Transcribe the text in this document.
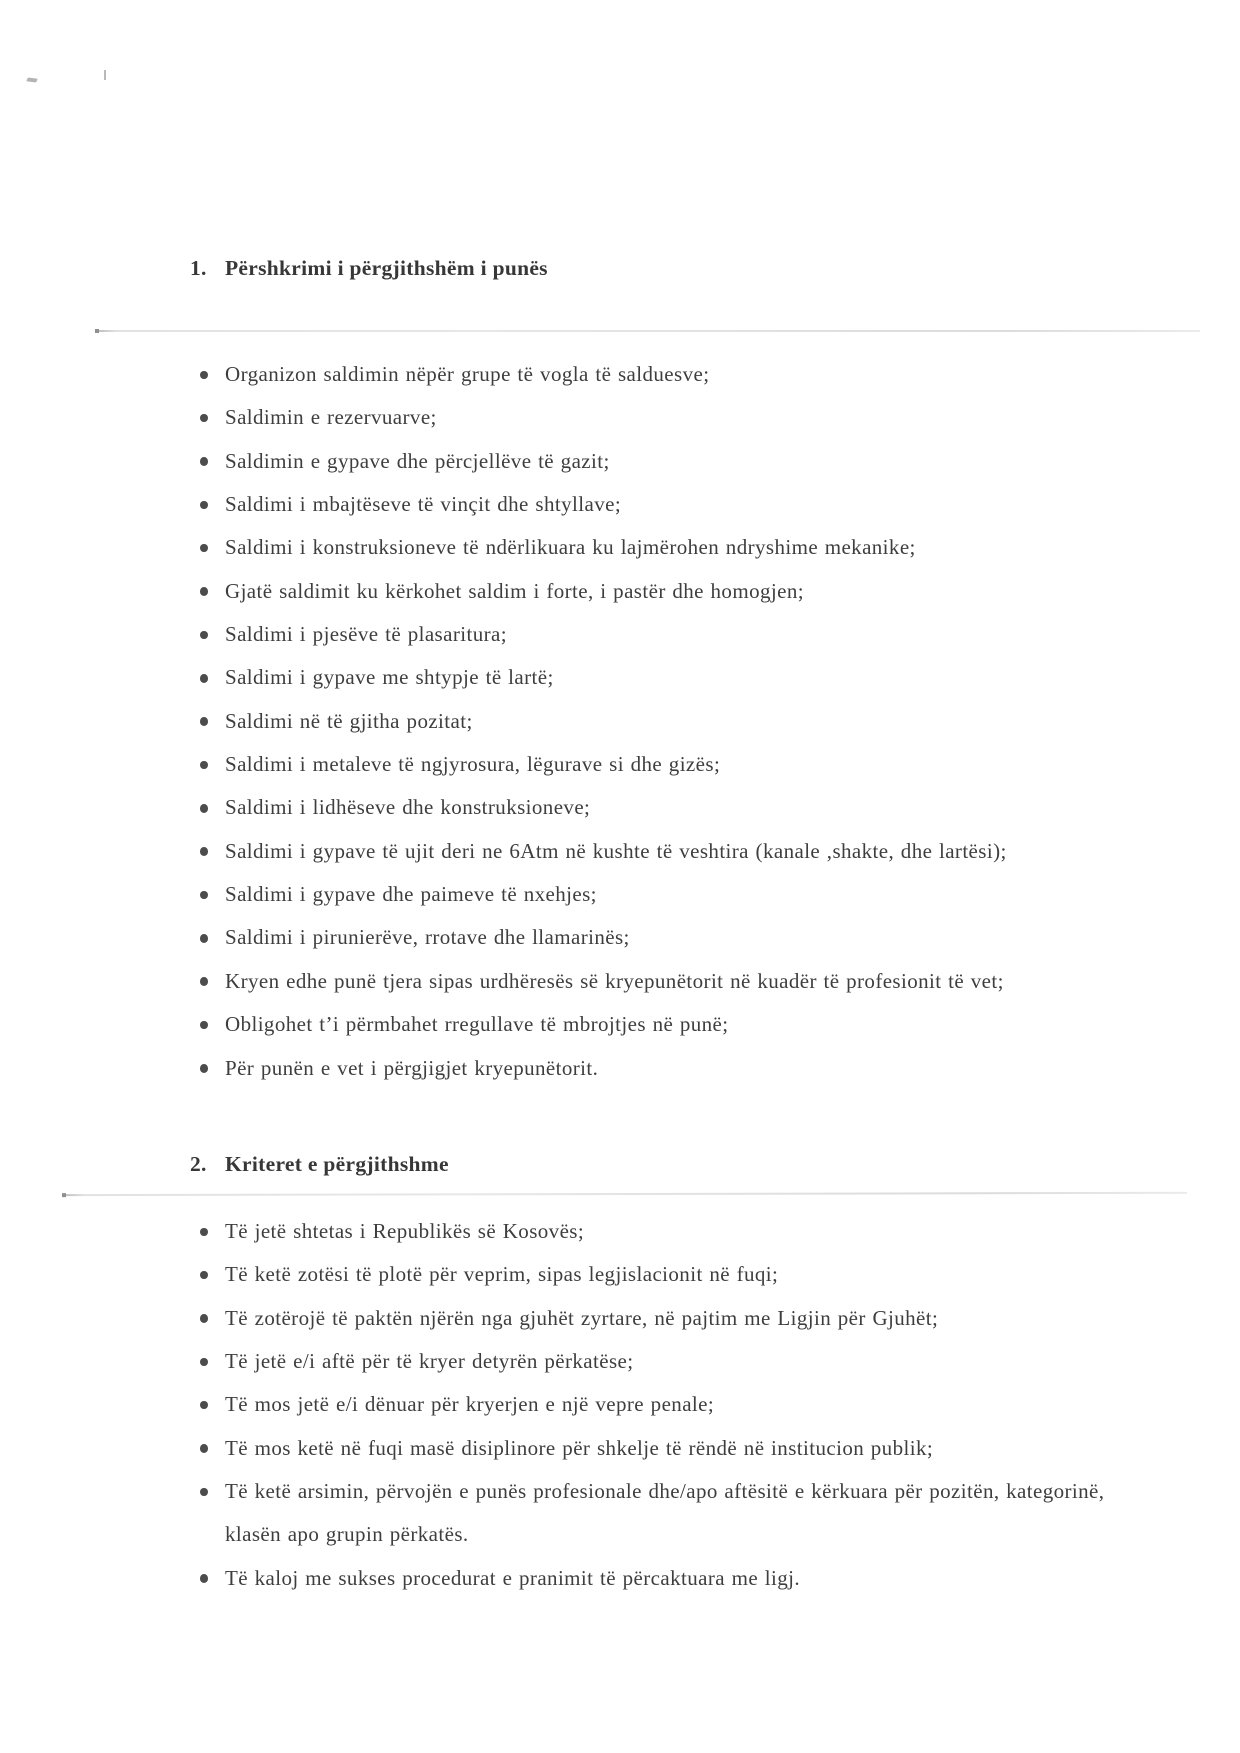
1. Përshkrimi i përgjithshëm i punës
Organizon saldimin nëpër grupe të vogla të salduesve;
Saldimin e rezervuarve;
Saldimin e gypave dhe përcjellëve të gazit;
Saldimi i mbajtëseve të vinçit dhe shtyllave;
Saldimi i konstruksioneve të ndërlikuara ku lajmërohen ndryshime mekanike;
Gjatë saldimit ku kërkohet saldim i forte, i pastër dhe homogjen;
Saldimi i pjesëve të plasaritura;
Saldimi i gypave me shtypje të lartë;
Saldimi në të gjitha pozitat;
Saldimi i metaleve të ngjyrosura, lëgurave si dhe gizës;
Saldimi i lidhëseve dhe konstruksioneve;
Saldimi i gypave të ujit deri ne 6Atm në kushte të veshtira (kanale ,shakte, dhe lartësi);
Saldimi i gypave dhe paimeve të nxehjes;
Saldimi i pirunierëve, rrotave dhe llamarinës;
Kryen edhe punë tjera sipas urdhëresës së kryepunëtorit në kuadër të profesionit të vet;
Obligohet t’i përmbahet rregullave të mbrojtjes në punë;
Për punën e vet i përgjigjet kryepunëtorit.
2. Kriteret e përgjithshme
Të jetë shtetas i Republikës së Kosovës;
Të ketë zotësi të plotë për veprim, sipas legjislacionit në fuqi;
Të zotërojë të paktën njërën nga gjuhët zyrtare, në pajtim me Ligjin për Gjuhët;
Të jetë e/i aftë për të kryer detyrën përkatëse;
Të mos jetë e/i dënuar për kryerjen e një vepre penale;
Të mos ketë në fuqi masë disiplinore për shkelje të rëndë në institucion publik;
Të ketë arsimin, përvojën e punës profesionale dhe/apo aftësitë e kërkuara për pozitën, kategorinë, klasën apo grupin përkatës.
Të kaloj me sukses procedurat e pranimit të përcaktuara me ligj.
